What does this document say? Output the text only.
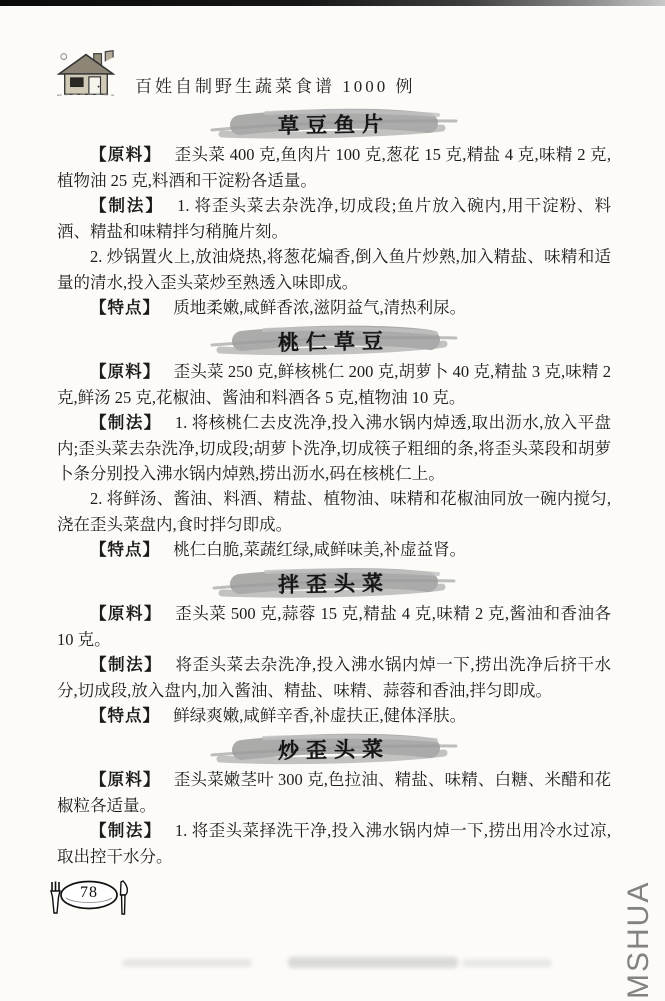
百姓自制野生蔬菜食谱 1000 例
草豆鱼片

【原料】 歪头菜 400 克,鱼肉片 100 克,葱花 15 克,精盐 4 克,味精 2 克,植物油 25 克,料酒和干淀粉各适量。

【制法】 1. 将歪头菜去杂洗净,切成段;鱼片放入碗内,用干淀粉、料酒、精盐和味精拌匀稍腌片刻。

2. 炒锅置火上,放油烧热,将葱花煸香,倒入鱼片炒熟,加入精盐、味精和适量的清水,投入歪头菜炒至熟透入味即成。

【特点】 质地柔嫩,咸鲜香浓,滋阴益气,清热利尿。

桃仁草豆

【原料】 歪头菜 250 克,鲜核桃仁 200 克,胡萝卜 40 克,精盐 3 克,味精 2 克,鲜汤 25 克,花椒油、酱油和料酒各 5 克,植物油 10 克。

【制法】 1. 将核桃仁去皮洗净,投入沸水锅内焯透,取出沥水,放入平盘内;歪头菜去杂洗净,切成段;胡萝卜洗净,切成筷子粗细的条,将歪头菜段和胡萝卜条分别投入沸水锅内焯熟,捞出沥水,码在核桃仁上。

2. 将鲜汤、酱油、料酒、精盐、植物油、味精和花椒油同放一碗内搅匀,浇在歪头菜盘内,食时拌匀即成。

【特点】 桃仁白脆,菜蔬红绿,咸鲜味美,补虚益肾。

拌歪头菜

【原料】 歪头菜 500 克,蒜蓉 15 克,精盐 4 克,味精 2 克,酱油和香油各 10 克。

【制法】 将歪头菜去杂洗净,投入沸水锅内焯一下,捞出洗净后挤干水分,切成段,放入盘内,加入酱油、精盐、味精、蒜蓉和香油,拌匀即成。

【特点】 鲜绿爽嫩,咸鲜辛香,补虚扶正,健体泽肤。

炒歪头菜

【原料】 歪头菜嫩茎叶 300 克,色拉油、精盐、味精、白糖、米醋和花椒粒各适量。

【制法】 1. 将歪头菜择洗干净,投入沸水锅内焯一下,捞出用冷水过凉,取出控干水分。

78	MSHUA
